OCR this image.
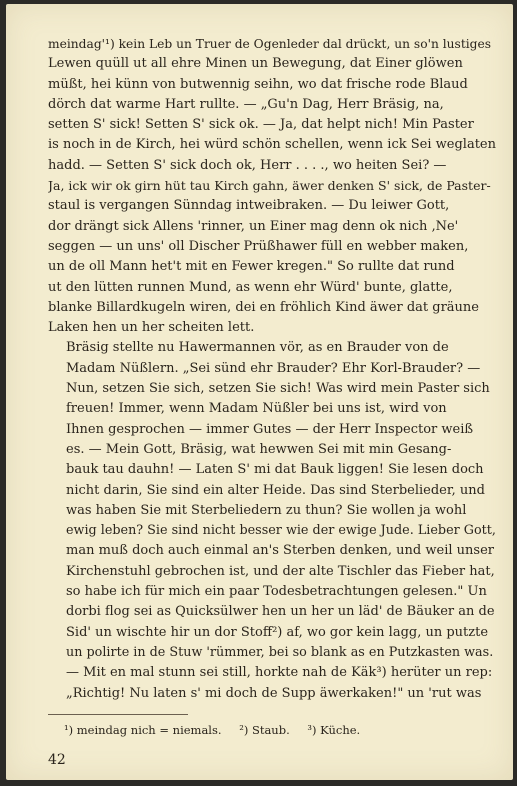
meindag'¹) kein Leb un Truer de Ogenleder dal drückt, un so'n lustiges
Lewen quüll ut all ehre Minen un Bewegung, dat Einer glöwen
müßt, hei künn von butwennig seihn, wo dat frische rode Blaud
dörch dat warme Hart rullte. — „Gu'n Dag, Herr Bräsig, na,
setten S' sick! Setten S' sick ok. — Ja, dat helpt nich! Min Paster
is noch in de Kirch, hei würd schön schellen, wenn ick Sei weglaten
hadd. — Setten S' sick doch ok, Herr . . . ., wo heiten Sei? —
Ja, ick wir ok girn hüt tau Kirch gahn, äwer denken S' sick, de Paster-
staul is vergangen Sünndag intweibraken. — Du leiwer Gott,
dor drängt sick Allens 'rinner, un Einer mag denn ok nich ‚Ne'
seggen — un uns' oll Discher Prüßhawer füll en webber maken,
un de oll Mann het't mit en Fewer kregen." So rullte dat rund
ut den lütten runnen Mund, as wenn ehr Würd' bunte, glatte,
blanke Billardkugeln wiren, dei en fröhlich Kind äwer dat gräune
Laken hen un her scheiten lett.

Bräsig stellte nu Hawermannen vör, as en Brauder von de
Madam Nüßlern. „Sei sünd ehr Brauder? Ehr Korl-Brauder? —
Nun, setzen Sie sich, setzen Sie sich! Was wird mein Paster sich
freuen! Immer, wenn Madam Nüßler bei uns ist, wird von
Ihnen gesprochen — immer Gutes — der Herr Inspector weiß
es. — Mein Gott, Bräsig, wat hewwen Sei mit min Gesang-
bauk tau dauhn! — Laten S' mi dat Bauk liggen! Sie lesen doch
nicht darin, Sie sind ein alter Heide. Das sind Sterbelieder, und
was haben Sie mit Sterbeliedern zu thun? Sie wollen ja wohl
ewig leben? Sie sind nicht besser wie der ewige Jude. Lieber Gott,
man muß doch auch einmal an's Sterben denken, und weil unser
Kirchenstuhl gebrochen ist, und der alte Tischler das Fieber hat,
so habe ich für mich ein paar Todesbetrachtungen gelesen." Un
dorbi flog sei as Quicksülwer hen un her un läd' de Bäuker an de
Sid' un wischte hir un dor Stoff²) af, wo gor kein lagg, un putzte
un polirte in de Stuw 'rümmer, bei so blank as en Putzkasten was.
— Mit en mal stunn sei still, horkte nah de Käk³) herüter un rep:
„Richtig! Nu laten s' mi doch de Supp äwerkaken!" un 'rut was

¹) meindag nich = niemals. ²) Staub. ³) Küche.
42
